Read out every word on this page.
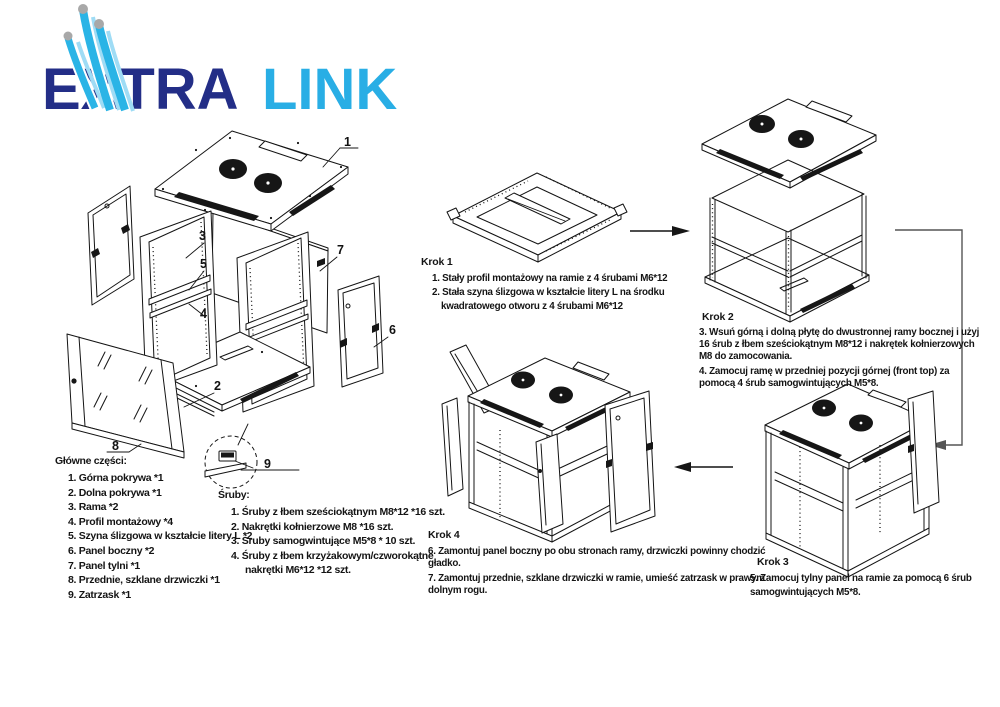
EXTRA LINK
1
2
3
4
5
6
7
8
9
Główne części:
1. Górna pokrywa *1
2. Dolna pokrywa *1
3. Rama *2
4. Profil montażowy *4
5. Szyna ślizgowa w kształcie litery L *2
6. Panel boczny *2
7. Panel tylni *1
8. Przednie, szklane drzwiczki *1
9. Zatrzask *1
Śruby:
1. Śruby z łbem sześciokątnym M8*12 *16 szt.
2. Nakrętki kołnierzowe M8 *16 szt.
3. Śruby samogwintujące M5*8 * 10 szt.
4. Śruby z łbem krzyżakowym/czworokątne
nakrętki M6*12 *12 szt.
Krok 1
1. Stały profil montażowy na ramie z 4 śrubami M6*12
2. Stała szyna ślizgowa w kształcie litery L na środku
kwadratowego otworu z 4 śrubami M6*12
Krok 2
3. Wsuń górną i dolną płytę do dwustronnej ramy bocznej i użyj
16 śrub z łbem sześciokątnym M8*12 i nakrętek kołnierzowych
M8 do zamocowania.
4. Zamocuj ramę w przedniej pozycji górnej (front top) za
pomocą 4 śrub samogwintujących M5*8.
Krok 3
5. Zamocuj tylny panel na ramie za pomocą 6 śrub
samogwintujących M5*8.
Krok 4
6. Zamontuj panel boczny po obu stronach ramy, drzwiczki powinny chodzić
gładko.
7. Zamontuj przednie, szklane drzwiczki w ramie, umieść zatrzask w prawym
dolnym rogu.
